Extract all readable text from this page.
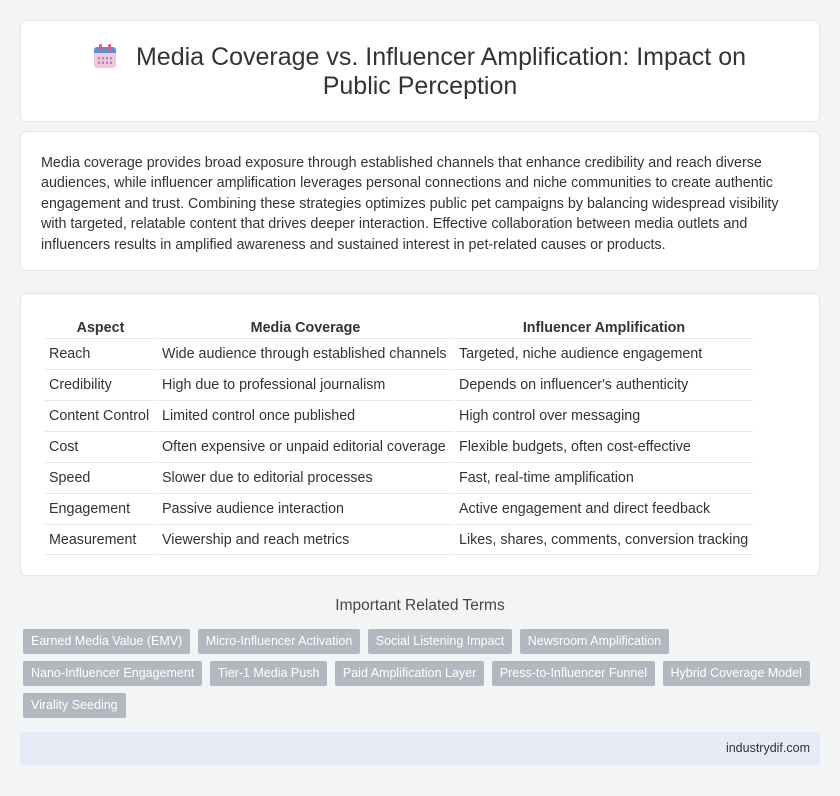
Media Coverage vs. Influencer Amplification: Impact on Public Perception

Media coverage provides broad exposure through established channels that enhance credibility and reach diverse audiences, while influencer amplification leverages personal connections and niche communities to create authentic engagement and trust. Combining these strategies optimizes public pet campaigns by balancing widespread visibility with targeted, relatable content that drives deeper interaction. Effective collaboration between media outlets and influencers results in amplified awareness and sustained interest in pet-related causes or products.

Aspect	Media Coverage	Influencer Amplification
Reach	Wide audience through established channels	Targeted, niche audience engagement
Credibility	High due to professional journalism	Depends on influencer's authenticity
Content Control	Limited control once published	High control over messaging
Cost	Often expensive or unpaid editorial coverage	Flexible budgets, often cost-effective
Speed	Slower due to editorial processes	Fast, real-time amplification
Engagement	Passive audience interaction	Active engagement and direct feedback
Measurement	Viewership and reach metrics	Likes, shares, comments, conversion tracking
Important Related Terms
Earned Media Value (EMV) Micro-Influencer Activation Social Listening Impact Newsroom Amplification Nano-Influencer Engagement Tier-1 Media Push Paid Amplification Layer Press-to-Influencer Funnel Hybrid Coverage Model Virality Seeding
industrydif.com
